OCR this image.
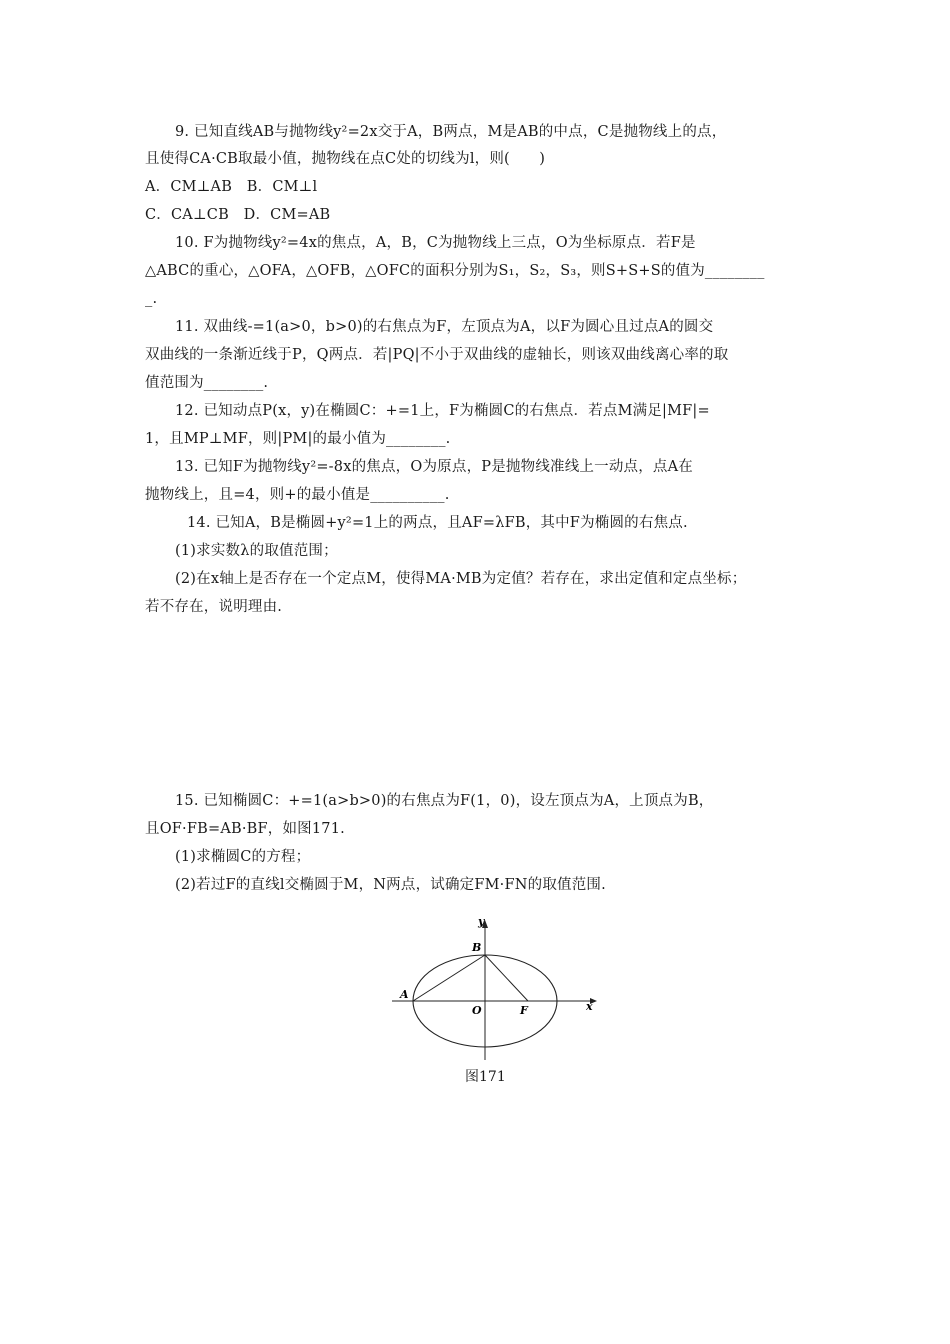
9. 已知直线AB与抛物线y²=2x交于A，B两点，M是AB的中点，C是抛物线上的点，
且使得CA·CB取最小值，抛物线在点C处的切线为l，则(　　)
A．CM⊥AB　B．CM⊥l
C．CA⊥CB　D．CM=AB
10. F为抛物线y²=4x的焦点，A，B，C为抛物线上三点，O为坐标原点．若F是
△ABC的重心，△OFA，△OFB，△OFC的面积分别为S₁，S₂，S₃，则S+S+S的值为________
_.
11. 双曲线-=1(a>0，b>0)的右焦点为F，左顶点为A，以F为圆心且过点A的圆交
双曲线的一条渐近线于P，Q两点．若|PQ|不小于双曲线的虚轴长，则该双曲线离心率的取
值范围为________.
12. 已知动点P(x，y)在椭圆C：+=1上，F为椭圆C的右焦点．若点M满足|MF|=
1，且MP⊥MF，则|PM|的最小值为________.
13. 已知F为抛物线y²=-8x的焦点，O为原点，P是抛物线准线上一动点，点A在
抛物线上，且=4，则+的最小值是__________.
14. 已知A，B是椭圆+y²=1上的两点，且AF=λFB，其中F为椭圆的右焦点.
(1)求实数λ的取值范围；
(2)在x轴上是否存在一个定点M，使得MA·MB为定值？若存在，求出定值和定点坐标；
若不存在，说明理由.
15. 已知椭圆C：+=1(a>b>0)的右焦点为F(1，0)，设左顶点为A，上顶点为B，
且OF·FB=AB·BF，如图171.
(1)求椭圆C的方程；
(2)若过F的直线l交椭圆于M，N两点，试确定FM·FN的取值范围.
y
x
B
A
O	F
图171
